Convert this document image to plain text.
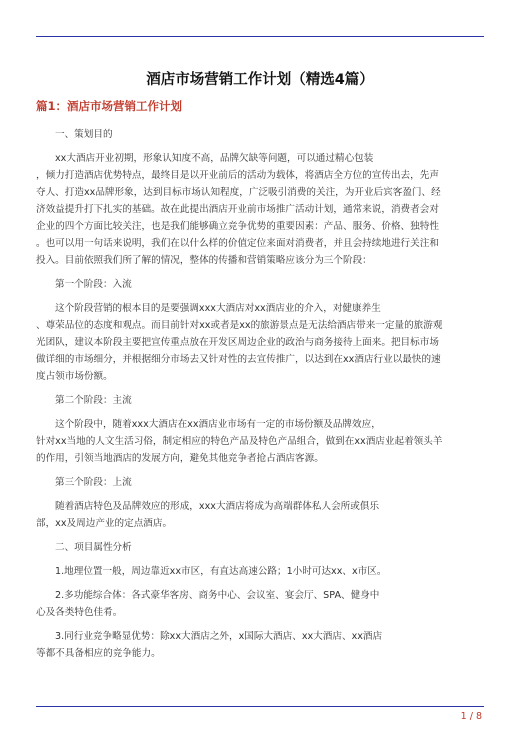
酒店市场营销工作计划（精选4篇）
篇1：酒店市场营销工作计划
一、策划目的
xx大酒店开业初期，形象认知度不高，品牌欠缺等问题，可以通过精心包装
，倾力打造酒店优势特点，最终目是以开业前后的活动为载体，将酒店全方位的宣传出去，先声
夺人、打造xx品牌形象，达到目标市场认知程度，广泛吸引消费的关注，为开业后宾客盈门、经
济效益提升打下扎实的基础。故在此提出酒店开业前市场推广活动计划，通常来说，消费者会对
企业的四个方面比较关注，也是我们能够确立竞争优势的重要因素：产品、服务、价格、独特性
。也可以用一句话来说明，我们在以什么样的价值定位来面对消费者，并且会持续地进行关注和
投入。目前依照我们所了解的情况，整体的传播和营销策略应该分为三个阶段：
第一个阶段：入流
这个阶段营销的根本目的是要强调xxx大酒店对xx酒店业的介入，对健康养生
、尊荣品位的态度和观点。而目前针对xx或者是xx的旅游景点是无法给酒店带来一定量的旅游观
光团队，建议本阶段主要把宣传重点放在开发区周边企业的政治与商务接待上面来。把目标市场
做详细的市场细分，并根据细分市场去又针对性的去宣传推广，以达到在xx酒店行业以最快的速
度占领市场份额。
第二个阶段：主流
这个阶段中，随着xxx大酒店在xx酒店业市场有一定的市场份额及品牌效应，
针对xx当地的人文生活习俗，制定相应的特色产品及特色产品组合，做到在xx酒店业起着领头羊
的作用，引领当地酒店的发展方向，避免其他竞争者抢占酒店客源。
第三个阶段：上流
随着酒店特色及品牌效应的形成，xxx大酒店将成为高端群体私人会所或俱乐
部，xx及周边产业的定点酒店。
二、项目属性分析
1.地理位置一般，周边靠近xx市区，有直达高速公路；1小时可达xx、x市区。
2.多功能综合体：各式豪华客房、商务中心、会议室、宴会厅、SPA、健身中
心及各类特色佳肴。
3.同行业竞争略显优势：除xx大酒店之外，x国际大酒店、xx大酒店、xx酒店
等都不具备相应的竞争能力。
1 / 8
